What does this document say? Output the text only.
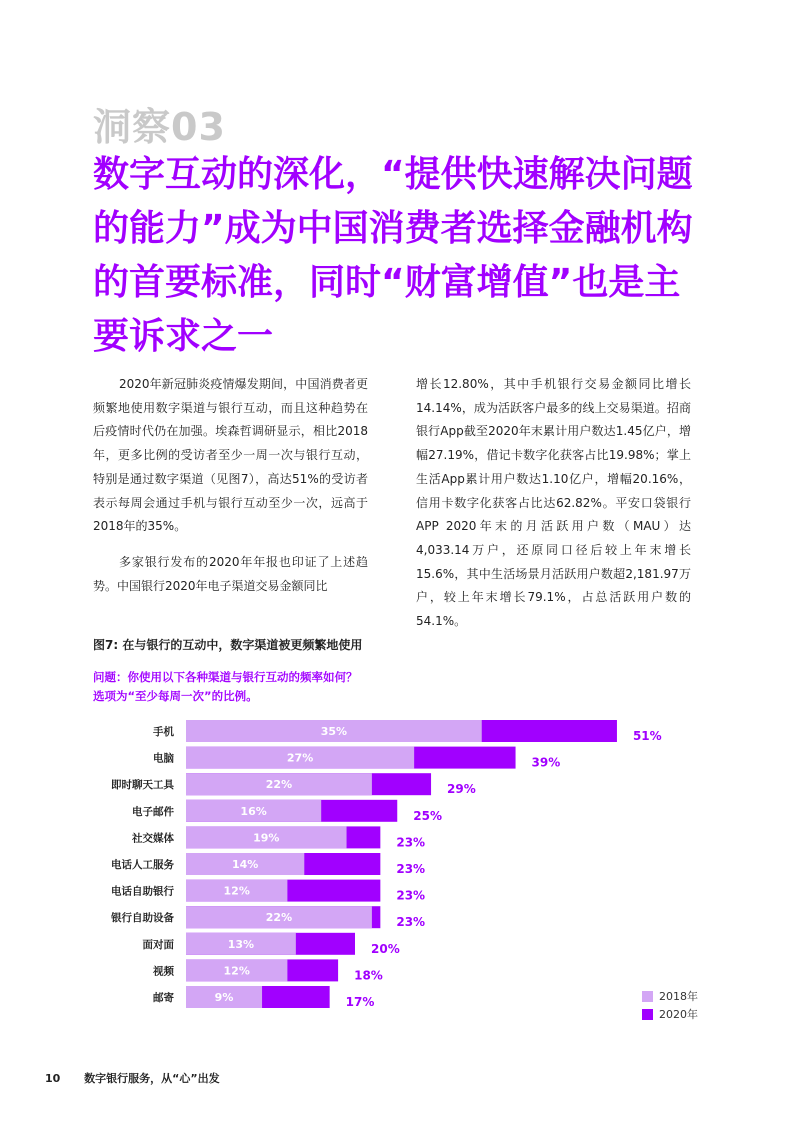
洞察03
数字互动的深化，“提供快速解决问题的能力”成为中国消费者选择金融机构的首要标准，同时“财富增值”也是主要诉求之一

2020年新冠肺炎疫情爆发期间，中国消费者更频繁地使用数字渠道与银行互动，而且这种趋势在后疫情时代仍在加强。埃森哲调研显示，相比2018年，更多比例的受访者至少一周一次与银行互动，特别是通过数字渠道（见图7），高达51%的受访者表示每周会通过手机与银行互动至少一次，远高于2018年的35%。

多家银行发布的2020年年报也印证了上述趋势。中国银行2020年电子渠道交易金额同比

增长12.80%，其中手机银行交易金额同比增长14.14%，成为活跃客户最多的线上交易渠道。招商银行App截至2020年末累计用户数达1.45亿户，增幅27.19%，借记卡数字化获客占比19.98%；掌上生活App累计用户数达1.10亿户，增幅20.16%，信用卡数字化获客占比达62.82%。平安口袋银行APP 2020年末的月活跃用户数（MAU）达4,033.14万户，还原同口径后较上年末增长15.6%，其中生活场景月活跃用户数超2,181.97万户，较上年末增长79.1%，占总活跃用户数的54.1%。

图7: 在与银行的互动中，数字渠道被更频繁地使用
问题：你使用以下各种渠道与银行互动的频率如何？
选项为“至少每周一次”的比例。
手机	35%	51%
电脑	27%	39%
即时聊天工具	22%	29%
电子邮件	16%	25%
社交媒体	19%	23%
电话人工服务	14%	23%
电话自助银行	12%	23%
银行自助设备	22%	23%
面对面	13%	20%
视频	12%	18%
邮寄	9%	17%	2018年
2020年
10 数字银行服务，从“心”出发
